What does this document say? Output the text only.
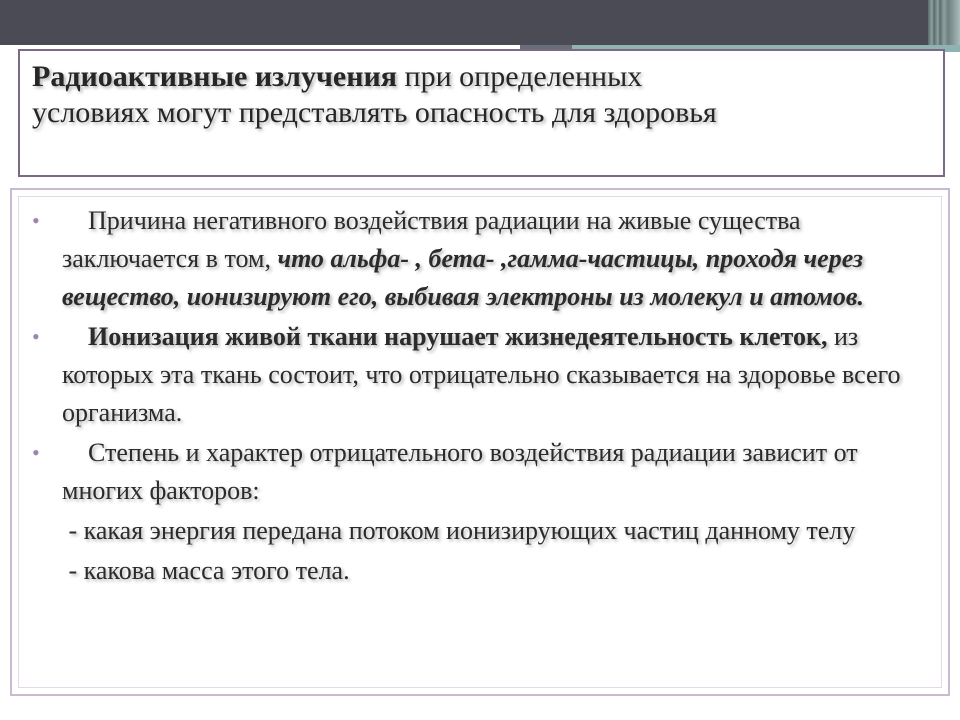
Радиоактивные излучения при определенных
условиях могут представлять опасность для здоровья

• Причина негативного воздействия радиации на живые существа заключается в том, что альфа- , бета- ,гамма-частицы, проходя через вещество, ионизируют его, выбивая электроны из молекул и атомов.

• Ионизация живой ткани нарушает жизнедеятельность клеток, из которых эта ткань состоит, что отрицательно сказывается на здоровье всего организма.

• Степень и характер отрицательного воздействия радиации зависит от многих факторов:

- какая энергия передана потоком ионизирующих частиц данному телу

- какова масса этого тела.
